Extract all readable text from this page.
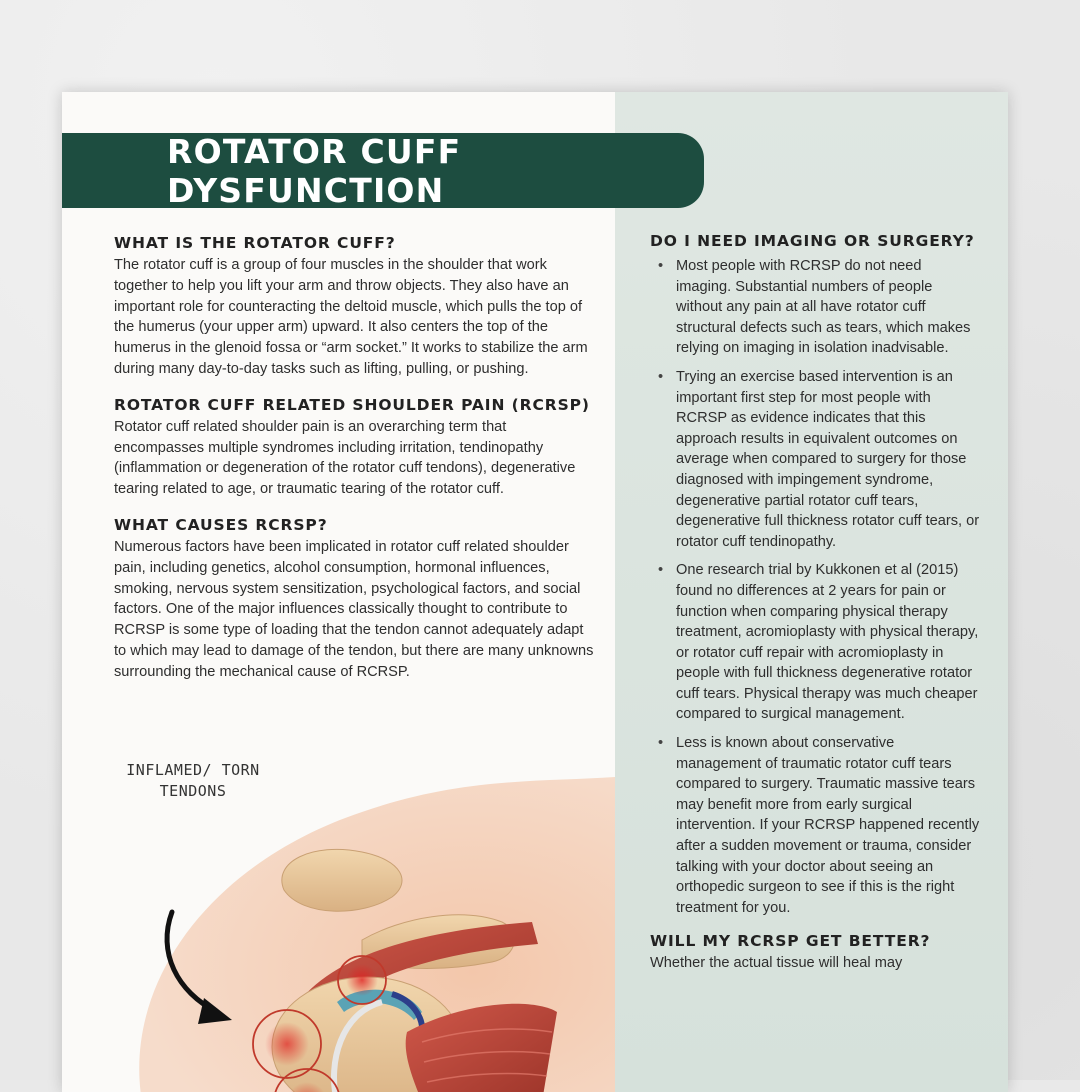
ROTATOR CUFF DYSFUNCTION
WHAT IS THE ROTATOR CUFF?

The rotator cuff is a group of four muscles in the shoulder that work together to help you lift your arm and throw objects. They also have an important role for counteracting the deltoid muscle, which pulls the top of the humerus (your upper arm) upward. It also centers the top of the humerus in the glenoid fossa or “arm socket.” It works to stabilize the arm during many day-to-day tasks such as lifting, pulling, or pushing.

ROTATOR CUFF RELATED SHOULDER PAIN (RCRSP)

Rotator cuff related shoulder pain is an overarching term that encompasses multiple syndromes including irritation, tendinopathy (inflammation or degeneration of the rotator cuff tendons), degenerative tearing related to age, or traumatic tearing of the rotator cuff.

WHAT CAUSES RCRSP?

Numerous factors have been implicated in rotator cuff related shoulder pain, including genetics, alcohol consumption, hormonal influences, smoking, nervous system sensitization, psychological factors, and social factors. One of the major influences classically thought to contribute to RCRSP is some type of loading that the tendon cannot adequately adapt to which may lead to damage of the tendon, but there are many unknowns surrounding the mechanical cause of RCRSP.

INFLAMED/ TORN
TENDONS
DO I NEED IMAGING OR SURGERY?
• Most people with RCRSP do not need imaging. Substantial numbers of people without any pain at all have rotator cuff structural defects such as tears, which makes relying on imaging in isolation inadvisable.
• Trying an exercise based intervention is an important first step for most people with RCRSP as evidence indicates that this approach results in equivalent outcomes on average when compared to surgery for those diagnosed with impingement syndrome, degenerative partial rotator cuff tears, degenerative full thickness rotator cuff tears, or rotator cuff tendinopathy.
• One research trial by Kukkonen et al (2015) found no differences at 2 years for pain or function when comparing physical therapy treatment, acromioplasty with physical therapy, or rotator cuff repair with acromioplasty in people with full thickness degenerative rotator cuff tears. Physical therapy was much cheaper compared to surgical management.
• Less is known about conservative management of traumatic rotator cuff tears compared to surgery. Traumatic massive tears may benefit more from early surgical intervention. If your RCRSP happened recently after a sudden movement or trauma, consider talking with your doctor about seeing an orthopedic surgeon to see if this is the right treatment for you.
WILL MY RCRSP GET BETTER?

Whether the actual tissue will heal may
